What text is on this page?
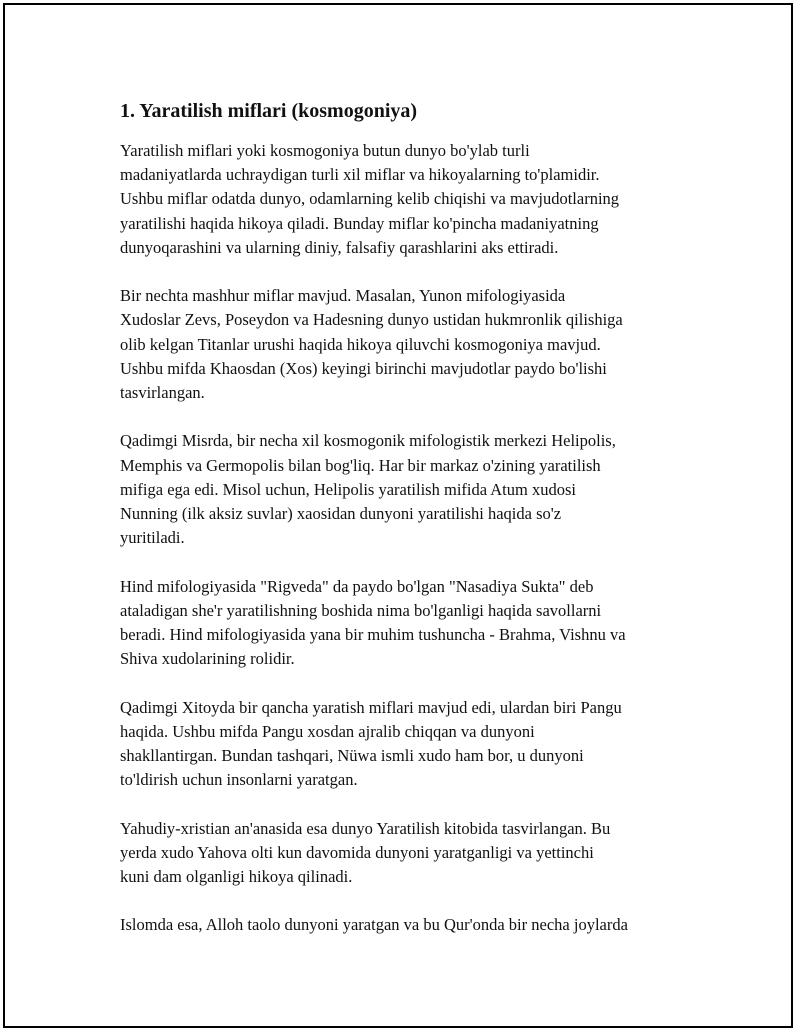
1. Yaratilish miflari (kosmogoniya)

Yaratilish miflari yoki kosmogoniya butun dunyo bo'ylab turli
madaniyatlarda uchraydigan turli xil miflar va hikoyalarning to'plamidir.
Ushbu miflar odatda dunyo, odamlarning kelib chiqishi va mavjudotlarning
yaratilishi haqida hikoya qiladi. Bunday miflar ko'pincha madaniyatning
dunyoqarashini va ularning diniy, falsafiy qarashlarini aks ettiradi.

Bir nechta mashhur miflar mavjud. Masalan, Yunon mifologiyasida
Xudoslar Zevs, Poseydon va Hadesning dunyo ustidan hukmronlik qilishiga
olib kelgan Titanlar urushi haqida hikoya qiluvchi kosmogoniya mavjud.
Ushbu mifda Khaosdan (Xos) keyingi birinchi mavjudotlar paydo bo'lishi
tasvirlangan.

Qadimgi Misrda, bir necha xil kosmogonik mifologistik merkezi Helipolis,
Memphis va Germopolis bilan bog'liq. Har bir markaz o'zining yaratilish
mifiga ega edi. Misol uchun, Helipolis yaratilish mifida Atum xudosi
Nunning (ilk aksiz suvlar) xaosidan dunyoni yaratilishi haqida so'z
yuritiladi.

Hind mifologiyasida "Rigveda" da paydo bo'lgan "Nasadiya Sukta" deb
ataladigan she'r yaratilishning boshida nima bo'lganligi haqida savollarni
beradi. Hind mifologiyasida yana bir muhim tushuncha - Brahma, Vishnu va
Shiva xudolarining rolidir.

Qadimgi Xitoyda bir qancha yaratish miflari mavjud edi, ulardan biri Pangu
haqida. Ushbu mifda Pangu xosdan ajralib chiqqan va dunyoni
shakllantirgan. Bundan tashqari, Nüwa ismli xudo ham bor, u dunyoni
to'ldirish uchun insonlarni yaratgan.

Yahudiy-xristian an'anasida esa dunyo Yaratilish kitobida tasvirlangan. Bu
yerda xudo Yahova olti kun davomida dunyoni yaratganligi va yettinchi
kuni dam olganligi hikoya qilinadi.

Islomda esa, Alloh taolo dunyoni yaratgan va bu Qur'onda bir necha joylarda
